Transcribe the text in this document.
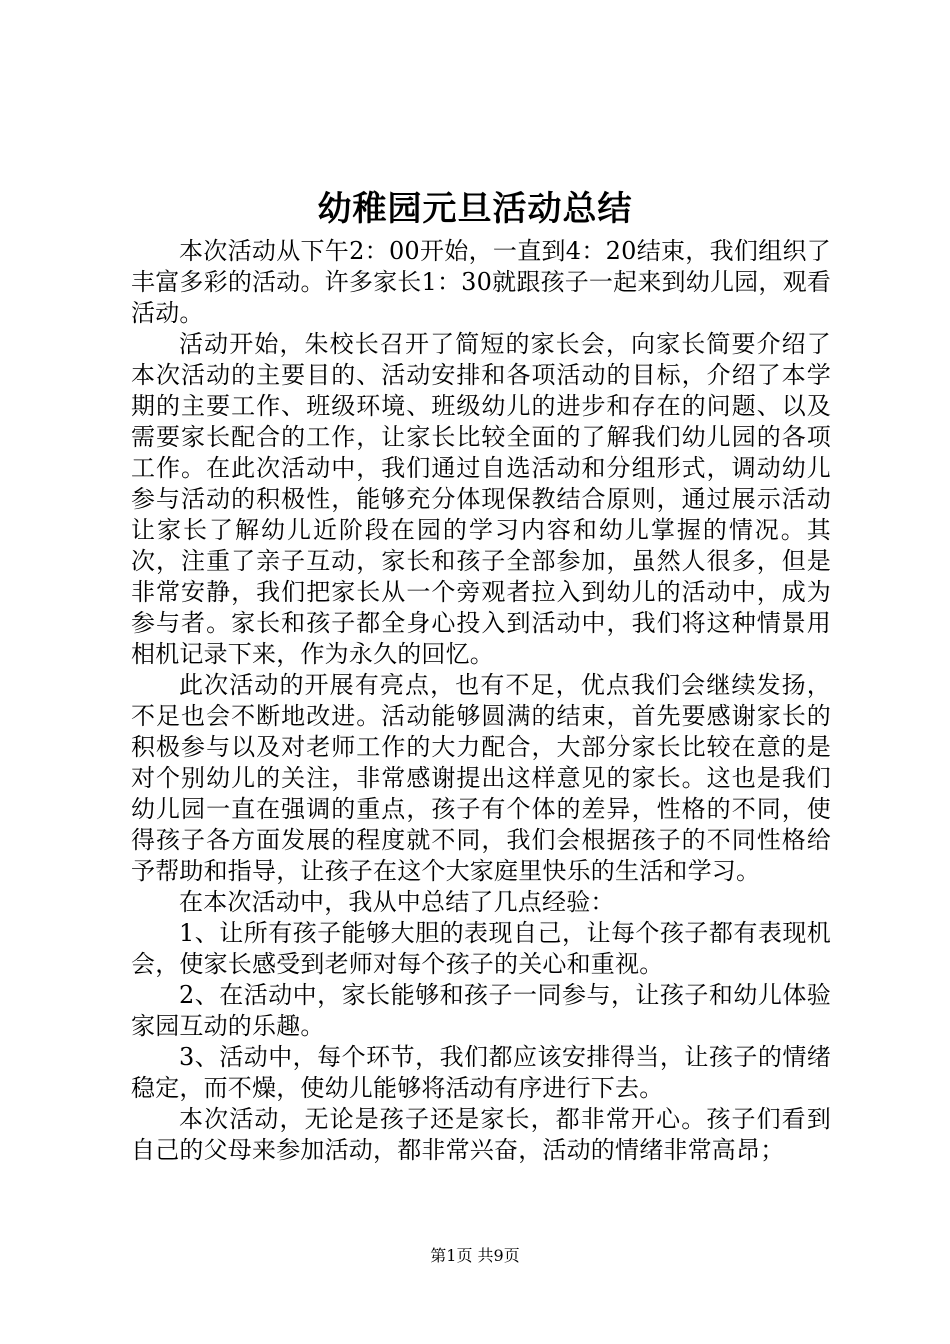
幼稚园元旦活动总结

本次活动从下午2：00开始，一直到4：20结束，我们组织了丰富多彩的活动。许多家长1：30就跟孩子一起来到幼儿园，观看活动。

活动开始，朱校长召开了简短的家长会，向家长简要介绍了本次活动的主要目的、活动安排和各项活动的目标，介绍了本学期的主要工作、班级环境、班级幼儿的进步和存在的问题、以及需要家长配合的工作，让家长比较全面的了解我们幼儿园的各项工作。在此次活动中，我们通过自选活动和分组形式，调动幼儿参与活动的积极性，能够充分体现保教结合原则，通过展示活动让家长了解幼儿近阶段在园的学习内容和幼儿掌握的情况。其次，注重了亲子互动，家长和孩子全部参加，虽然人很多，但是非常安静，我们把家长从一个旁观者拉入到幼儿的活动中，成为参与者。家长和孩子都全身心投入到活动中，我们将这种情景用相机记录下来，作为永久的回忆。

此次活动的开展有亮点，也有不足，优点我们会继续发扬，不足也会不断地改进。活动能够圆满的结束，首先要感谢家长的积极参与以及对老师工作的大力配合，大部分家长比较在意的是对个别幼儿的关注，非常感谢提出这样意见的家长。这也是我们幼儿园一直在强调的重点，孩子有个体的差异，性格的不同，使得孩子各方面发展的程度就不同，我们会根据孩子的不同性格给予帮助和指导，让孩子在这个大家庭里快乐的生活和学习。

在本次活动中，我从中总结了几点经验：

1、让所有孩子能够大胆的表现自己，让每个孩子都有表现机会，使家长感受到老师对每个孩子的关心和重视。

2、在活动中，家长能够和孩子一同参与，让孩子和幼儿体验家园互动的乐趣。

3、活动中，每个环节，我们都应该安排得当，让孩子的情绪稳定，而不燥，使幼儿能够将活动有序进行下去。

本次活动，无论是孩子还是家长，都非常开心。孩子们看到自己的父母来参加活动，都非常兴奋，活动的情绪非常高昂；

第1页 共9页
